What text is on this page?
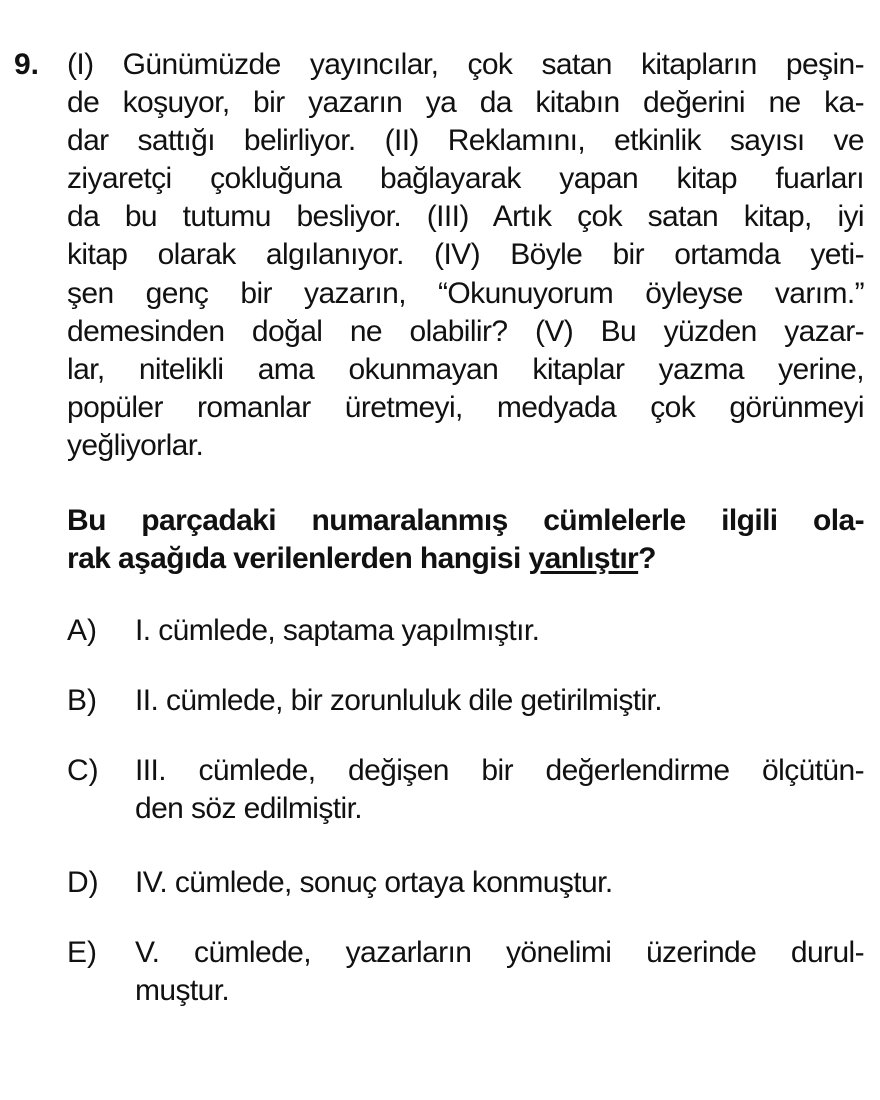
9. (I) Günümüzde yayıncılar, çok satan kitapların peşin-
de koşuyor, bir yazarın ya da kitabın değerini ne ka-
dar sattığı belirliyor. (II) Reklamını, etkinlik sayısı ve
ziyaretçi çokluğuna bağlayarak yapan kitap fuarları
da bu tutumu besliyor. (III) Artık çok satan kitap, iyi
kitap olarak algılanıyor. (IV) Böyle bir ortamda yeti-
şen genç bir yazarın, “Okunuyorum öyleyse varım.”
demesinden doğal ne olabilir? (V) Bu yüzden yazar-
lar, nitelikli ama okunmayan kitaplar yazma yerine,
popüler romanlar üretmeyi, medyada çok görünmeyi
yeğliyorlar.
Bu parçadaki numaralanmış cümlelerle ilgili ola-
rak aşağıda verilenlerden hangisi yanlıştır?
A) I. cümlede, saptama yapılmıştır.
B) II. cümlede, bir zorunluluk dile getirilmiştir.
C) III. cümlede, değişen bir değerlendirme ölçütün-
den söz edilmiştir.
D) IV. cümlede, sonuç ortaya konmuştur.
E) V. cümlede, yazarların yönelimi üzerinde durul-
muştur.
